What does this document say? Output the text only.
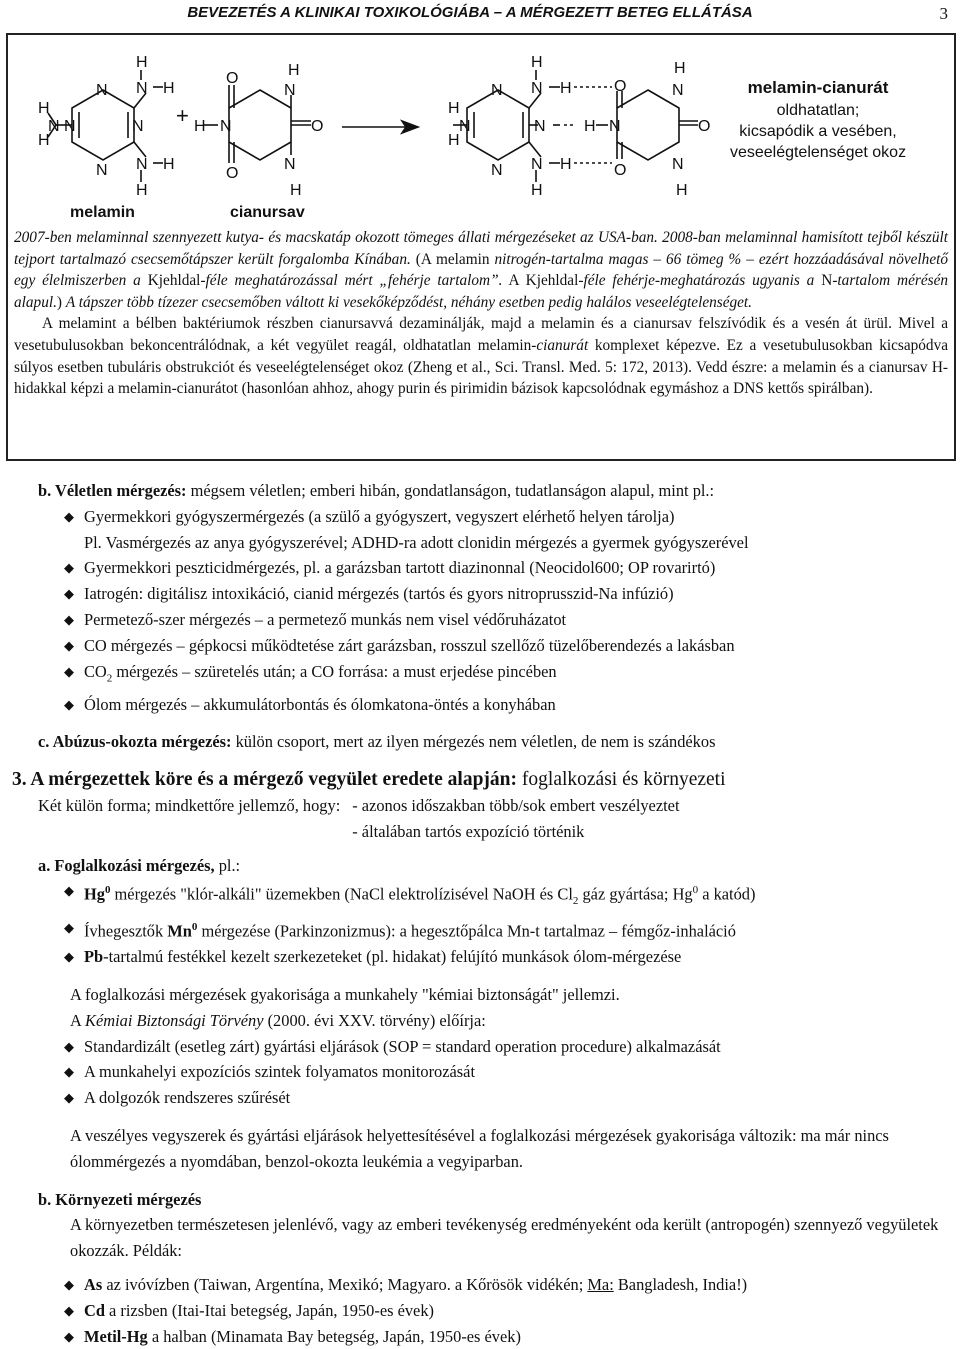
BEVEZETÉS A KLINIKAI TOXIKOLÓGIÁBA – A MÉRGEZETT BETEG ELLÁTÁSA	3
N
N	N
N
N
H
H
N H
H
N H
H
melamin
+
O
O
O
N
N
H
H
N
H
cianursav
N
N	N
N
H
H
N H
H
N H
H
O
O
O
N
N
H
H
N
H
melamin-cianurát
oldhatatlan;
kicsapódik a vesében,
veseelégtelenséget okoz

2007-ben melaminnal szennyezett kutya- és macskatáp okozott tömeges állati mérgezéseket az USA-ban. 2008-ban melaminnal hamisított tejből készült tejport tartalmazó csecsemőtápszer került forgalomba Kínában. (A melamin nitrogén-tartalma magas – 66 tömeg % – ezért hozzáadásával növelhető egy élelmiszerben a Kjehldal-féle meghatározással mért „fehérje tartalom”. A Kjehldal-féle fehérje-meghatározás ugyanis a N-tartalom mérésén alapul.) A tápszer több tízezer csecsemőben váltott ki vesekőképződést, néhány esetben pedig halálos veseelégtelenséget.

A melamint a bélben baktériumok részben cianursavvá dezaminálják, majd a melamin és a cianursav felszívódik és a vesén át ürül. Mivel a vesetubulusokban bekoncentrálódnak, a két vegyület reagál, oldhatatlan melamin-cianurát komplexet képezve. Ez a vesetubulusokban kicsapódva súlyos esetben tubuláris obstrukciót és veseelégtelenséget okoz (Zheng et al., Sci. Transl. Med. 5: 172, 2013). Vedd észre: a melamin és a cianursav H-hidakkal képzi a melamin-cianurátot (hasonlóan ahhoz, ahogy purin és pirimidin bázisok kapcsolódnak egymáshoz a DNS kettős spirálban).

b. Véletlen mérgezés: mégsem véletlen; emberi hibán, gondatlanságon, tudatlanságon alapul, mint pl.:

◆ Gyermekkori gyógyszermérgezés (a szülő a gyógyszert, vegyszert elérhető helyen tárolja)

Pl. Vasmérgezés az anya gyógyszerével; ADHD-ra adott clonidin mérgezés a gyermek gyógyszerével

◆ Gyermekkori peszticidmérgezés, pl. a garázsban tartott diazinonnal (Neocidol600; OP rovarirtó)
◆ Iatrogén: digitálisz intoxikáció, cianid mérgezés (tartós és gyors nitroprusszid-Na infúzió)
◆ Permetező-szer mérgezés – a permetező munkás nem visel védőruházatot
◆ CO mérgezés – gépkocsi működtetése zárt garázsban, rosszul szellőző tüzelőberendezés a lakásban
◆ $CO_2$ mérgezés – szüretelés után; a CO forrása: a must erjedése pincében
◆ Ólom mérgezés – akkumulátorbontás és ólomkatona-öntés a konyhában

c. Abúzus-okozta mérgezés: külön csoport, mert az ilyen mérgezés nem véletlen, de nem is szándékos

3. A mérgezettek köre és a mérgező vegyület eredete alapján: foglalkozási és környezeti

Két külön forma; mindkettőre jellemző, hogy: - azonos időszakban több/sok embert veszélyeztet
- általában tartós expozíció történik

a. Foglalkozási mérgezés, pl.:

◆ Hg$^0$ mérgezés "klór-alkáli" üzemekben (NaCl elektrolízisével NaOH és $Cl_2$ gáz gyártása; Hg$^0$ a katód)
◆ Ívhegesztők Mn$^0$ mérgezése (Parkinzonizmus): a hegesztőpálca Mn-t tartalmaz – fémgőz-inhaláció
◆ Pb-tartalmú festékkel kezelt szerkezeteket (pl. hidakat) felújító munkások ólom-mérgezése

A foglalkozási mérgezések gyakorisága a munkahely "kémiai biztonságát" jellemzi.

A Kémiai Biztonsági Törvény (2000. évi XXV. törvény) előírja:

◆ Standardizált (esetleg zárt) gyártási eljárások (SOP = standard operation procedure) alkalmazását
◆ A munkahelyi expozíciós szintek folyamatos monitorozását
◆ A dolgozók rendszeres szűrését

A veszélyes vegyszerek és gyártási eljárások helyettesítésével a foglalkozási mérgezések gyakorisága változik: ma már nincs ólommérgezés a nyomdában, benzol-okozta leukémia a vegyiparban.

b. Környezeti mérgezés

A környezetben természetesen jelenlévő, vagy az emberi tevékenység eredményeként oda került (antropogén) szennyező vegyületek okozzák. Példák:

◆ As az ivóvízben (Taiwan, Argentína, Mexikó; Magyaro. a Kőrösök vidékén; Ma: Bangladesh, India!)
◆ Cd a rizsben (Itai-Itai betegség, Japán, 1950-es évek)
◆ Metil-Hg a halban (Minamata Bay betegség, Japán, 1950-es évek)
